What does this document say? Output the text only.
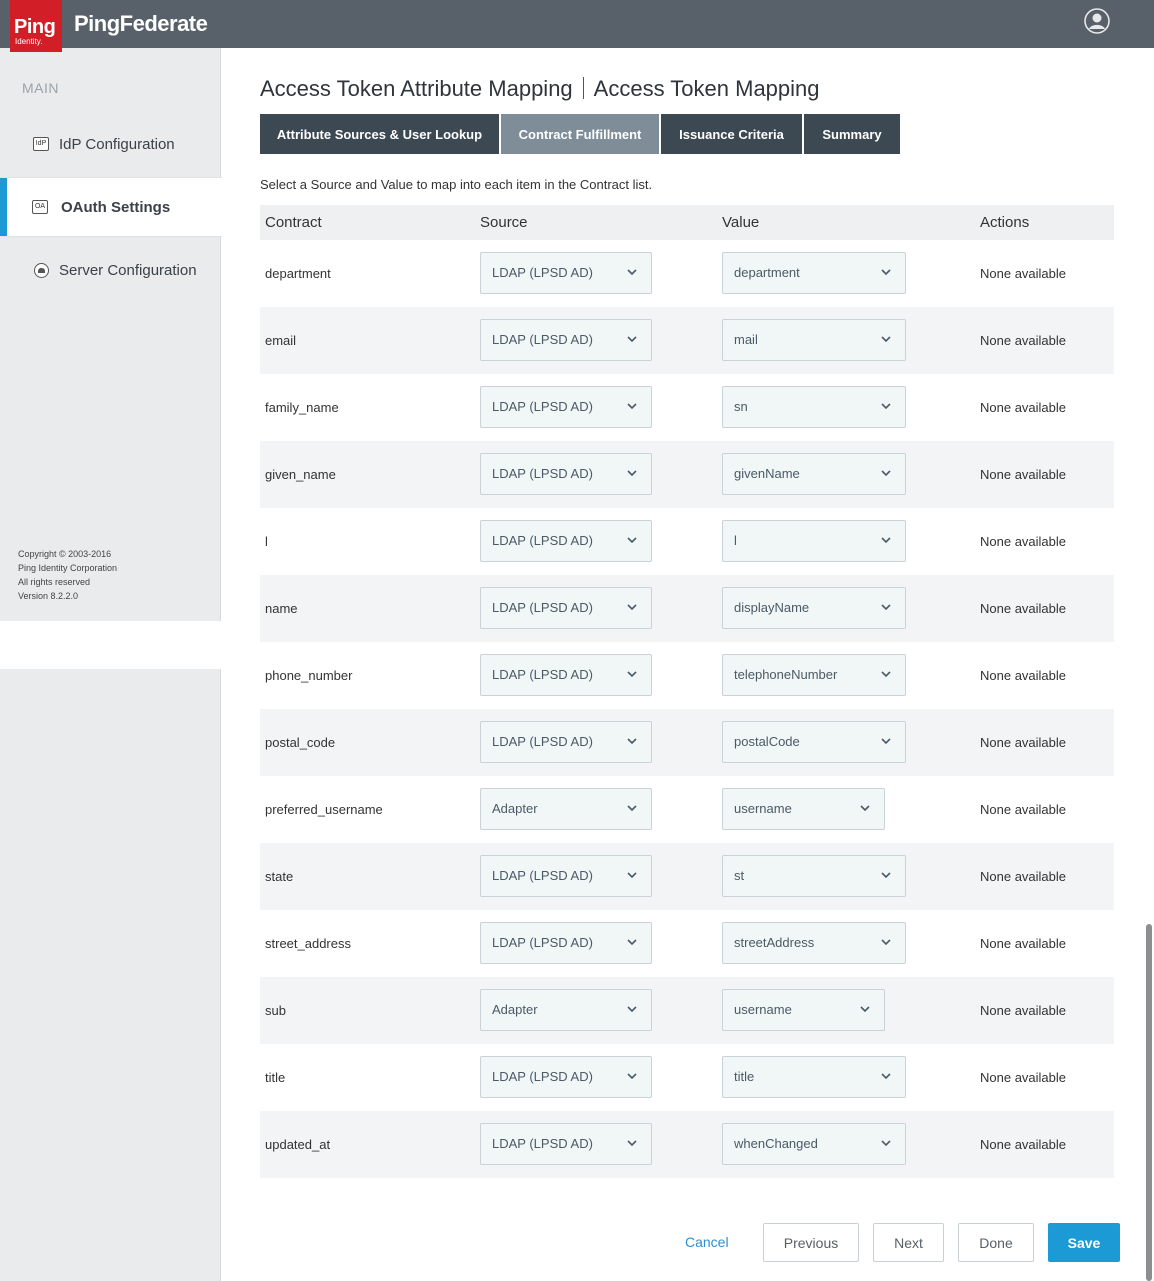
PingFederate
Ping
Identity.
MAIN
IdP IdP Configuration
OA OAuth Settings
Server Configuration
Copyright © 2003-2016
Ping Identity Corporation
All rights reserved
Version 8.2.2.0
Access Token Attribute Mapping Access Token Mapping
Attribute Sources & User Lookup	Contract Fulfillment	Issuance Criteria	Summary
Select a Source and Value to map into each item in the Contract list.
Contract	Source	Value	Actions
department	LDAP (LPSD AD)	department	None available
email	LDAP (LPSD AD)	mail	None available
family_name	LDAP (LPSD AD)	sn	None available
given_name	LDAP (LPSD AD)	givenName	None available
l	LDAP (LPSD AD)	l	None available
name	LDAP (LPSD AD)	displayName	None available
phone_number	LDAP (LPSD AD)	telephoneNumber	None available
postal_code	LDAP (LPSD AD)	postalCode	None available
preferred_username	Adapter	username	None available
state	LDAP (LPSD AD)	st	None available
street_address	LDAP (LPSD AD)	streetAddress	None available
sub	Adapter	username	None available
title	LDAP (LPSD AD)	title	None available
updated_at	LDAP (LPSD AD)	whenChanged	None available
Cancel	Previous	Next	Done	Save
